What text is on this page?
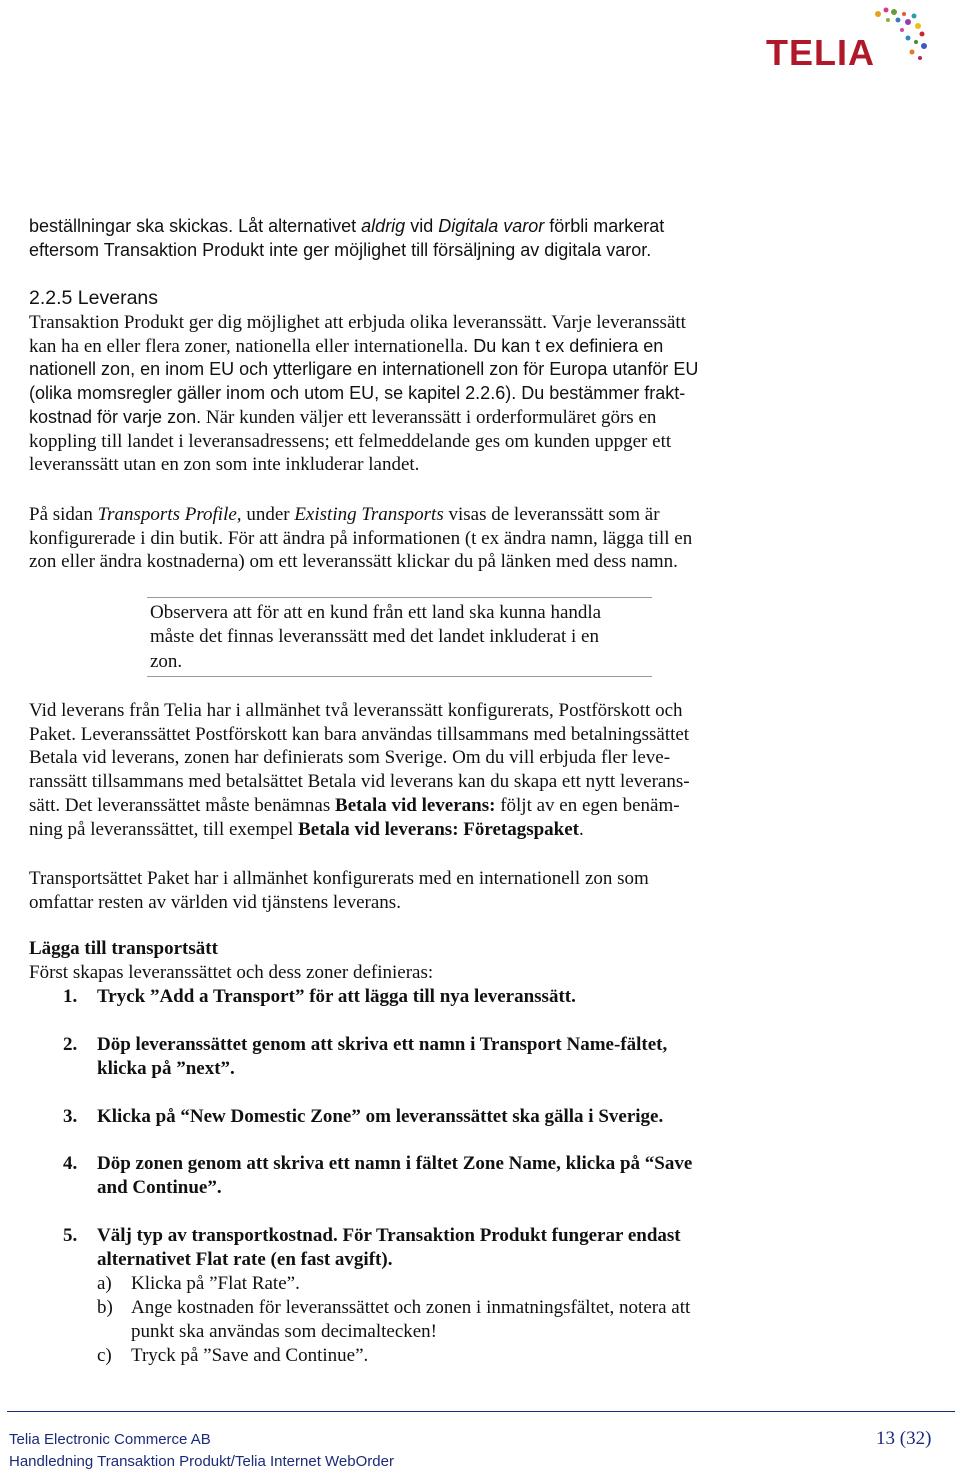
TELIA
beställningar ska skickas. Låt alternativet aldrig vid Digitala varor förbli markerat
eftersom Transaktion Produkt inte ger möjlighet till försäljning av digitala varor.
2.2.5 Leverans
Transaktion Produkt ger dig möjlighet att erbjuda olika leveranssätt. Varje leveranssätt
kan ha en eller flera zoner, nationella eller internationella. Du kan t ex definiera en
nationell zon, en inom EU och ytterligare en internationell zon för Europa utanför EU
(olika momsregler gäller inom och utom EU, se kapitel 2.2.6). Du bestämmer frakt-
kostnad för varje zon. När kunden väljer ett leveranssätt i orderformuläret görs en
koppling till landet i leveransadressens; ett felmeddelande ges om kunden uppger ett
leveranssätt utan en zon som inte inkluderar landet.
På sidan Transports Profile, under Existing Transports visas de leveranssätt som är
konfigurerade i din butik. För att ändra på informationen (t ex ändra namn, lägga till en
zon eller ändra kostnaderna) om ett leveranssätt klickar du på länken med dess namn.
Observera att för att en kund från ett land ska kunna handla
måste det finnas leveranssätt med det landet inkluderat i en
zon.
Vid leverans från Telia har i allmänhet två leveranssätt konfigurerats, Postförskott och
Paket. Leveranssättet Postförskott kan bara användas tillsammans med betalningssättet
Betala vid leverans, zonen har definierats som Sverige. Om du vill erbjuda fler leve-
ranssätt tillsammans med betalsättet Betala vid leverans kan du skapa ett nytt leverans-
sätt. Det leveranssättet måste benämnas Betala vid leverans: följt av en egen benäm-
ning på leveranssättet, till exempel Betala vid leverans: Företagspaket.
Transportsättet Paket har i allmänhet konfigurerats med en internationell zon som
omfattar resten av världen vid tjänstens leverans.
Lägga till transportsätt
Först skapas leveranssättet och dess zoner definieras:
1. Tryck ”Add a Transport” för att lägga till nya leveranssätt.
2. Döp leveranssättet genom att skriva ett namn i Transport Name-fältet,
klicka på ”next”.
3. Klicka på “New Domestic Zone” om leveranssättet ska gälla i Sverige.
4. Döp zonen genom att skriva ett namn i fältet Zone Name, klicka på “Save
and Continue”.
5. Välj typ av transportkostnad. För Transaktion Produkt fungerar endast
alternativet Flat rate (en fast avgift).
a) Klicka på ”Flat Rate”.
b) Ange kostnaden för leveranssättet och zonen i inmatningsfältet, notera att
punkt ska användas som decimaltecken!
c) Tryck på ”Save and Continue”.
Telia Electronic Commerce AB
Handledning Transaktion Produkt/Telia Internet WebOrder
13 (32)
